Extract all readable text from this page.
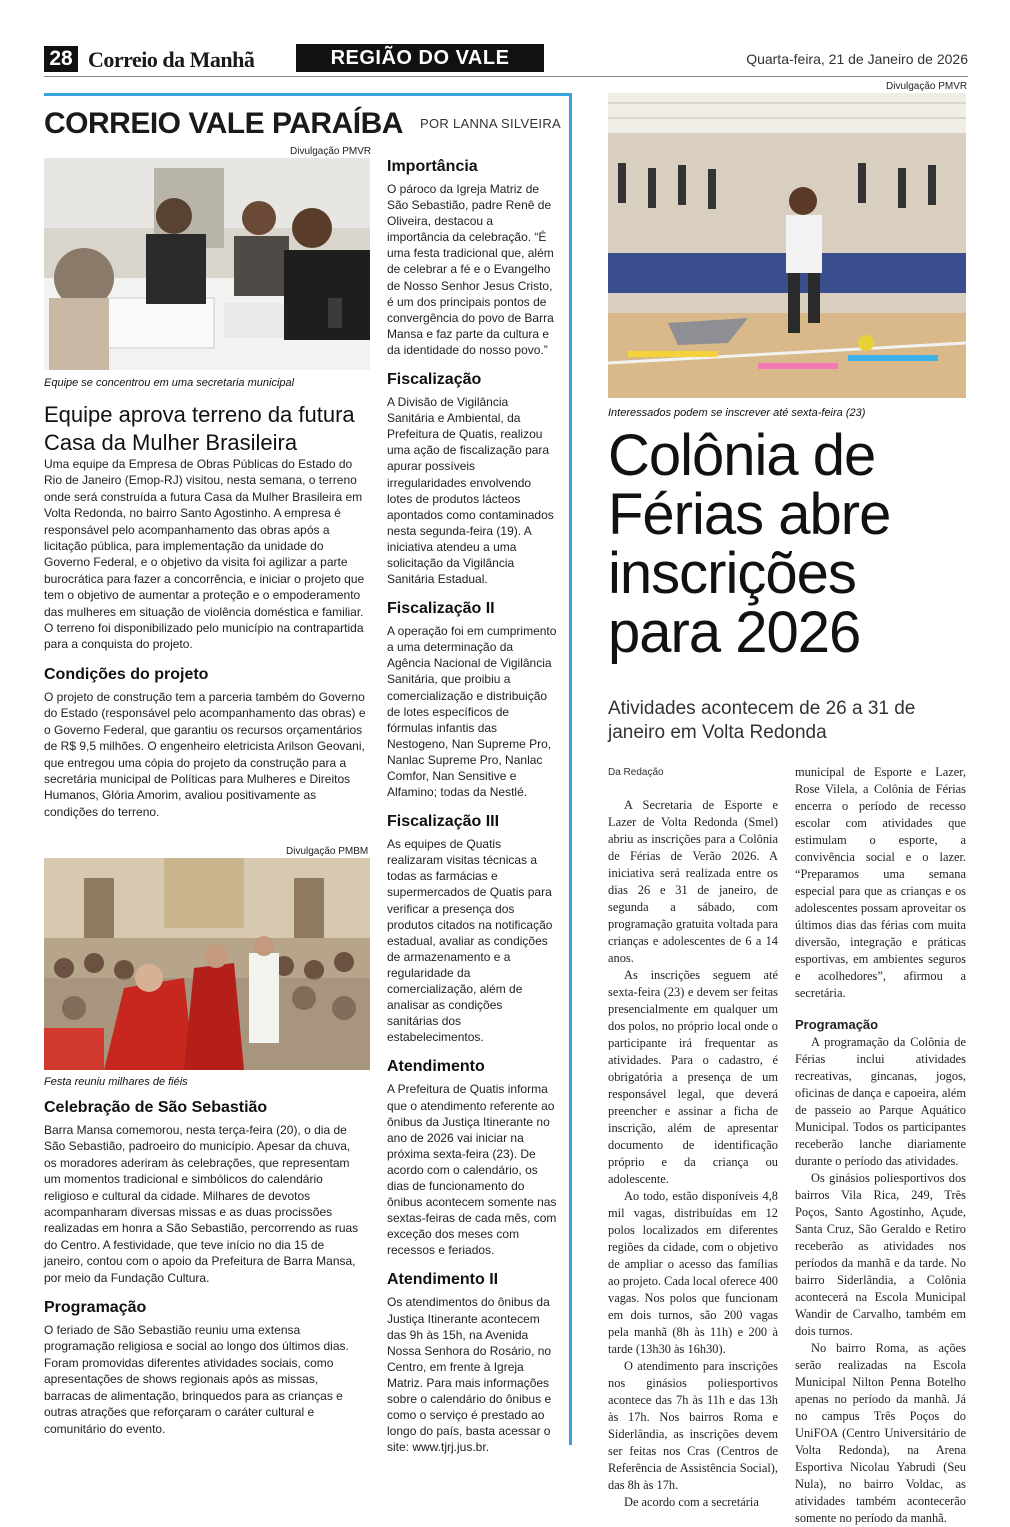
28 Correio da Manhã	REGIÃO DO VALE	Quarta-feira, 21 de Janeiro de 2026
CORREIO VALE PARAÍBA POR LANNA SILVEIRA
Divulgação PMVR
Equipe se concentrou em uma secretaria municipal
Equipe aprova terreno da futura Casa da Mulher Brasileira

Uma equipe da Empresa de Obras Públicas do Estado do Rio de Janeiro (Emop-RJ) visitou, nesta semana, o terreno onde será construída a futura Casa da Mulher Brasileira em Volta Redonda, no bairro Santo Agostinho. A empresa é responsável pelo acompanhamento das obras após a licitação pública, para implementação da unidade do Governo Federal, e o objetivo da visita foi agilizar a parte burocrática para fazer a concorrência, e iniciar o projeto que tem o objetivo de aumentar a proteção e o empoderamento das mulheres em situação de violência doméstica e familiar. O terreno foi disponibilizado pelo município na contrapartida para a conquista do projeto.

Condições do projeto

O projeto de construção tem a parceria também do Governo do Estado (responsável pelo acompanhamento das obras) e o Governo Federal, que garantiu os recursos orçamentários de R$ 9,5 milhões. O engenheiro eletricista Arilson Geovani, que entregou uma cópia do projeto da construção para a secretária municipal de Políticas para Mulheres e Direitos Humanos, Glória Amorim, avaliou positivamente as condições do terreno.

Divulgação PMBM
Festa reuniu milhares de fiéis
Celebração de São Sebastião

Barra Mansa comemorou, nesta terça-feira (20), o dia de São Sebastião, padroeiro do município. Apesar da chuva, os moradores aderiram às celebrações, que representam um momentos tradicional e simbólicos do calendário religioso e cultural da cidade. Milhares de devotos acompanharam diversas missas e as duas procissões realizadas em honra a São Sebastião, percorrendo as ruas do Centro. A festividade, que teve início no dia 15 de janeiro, contou com o apoio da Prefeitura de Barra Mansa, por meio da Fundação Cultura.

Programação

O feriado de São Sebastião reuniu uma extensa programação religiosa e social ao longo dos últimos dias. Foram promovidas diferentes atividades sociais, como apresentações de shows regionais após as missas, barracas de alimentação, brinquedos para as crianças e outras atrações que reforçaram o caráter cultural e comunitário do evento.

Importância

O pároco da Igreja Matriz de São Sebastião, padre Renê de Oliveira, destacou a importância da celebração. “É uma festa tradicional que, além de celebrar a fé e o Evangelho de Nosso Senhor Jesus Cristo, é um dos principais pontos de convergência do povo de Barra Mansa e faz parte da cultura e da identidade do nosso povo.”

Fiscalização

A Divisão de Vigilância Sanitária e Ambiental, da Prefeitura de Quatis, realizou uma ação de fiscalização para apurar possíveis irregularidades envolvendo lotes de produtos lácteos apontados como contaminados nesta segunda-feira (19). A iniciativa atendeu a uma solicitação da Vigilância Sanitária Estadual.

Fiscalização II

A operação foi em cumprimento a uma determinação da Agência Nacional de Vigilância Sanitária, que proibiu a comercialização e distribuição de lotes específicos de fórmulas infantis das Nestogeno, Nan Supreme Pro, Nanlac Supreme Pro, Nanlac Comfor, Nan Sensitive e Alfamino; todas da Nestlé.

Fiscalização III

As equipes de Quatis realizaram visitas técnicas a todas as farmácias e supermercados de Quatis para verificar a presença dos produtos citados na notificação estadual, avaliar as condições de armazenamento e a regularidade da comercialização, além de analisar as condições sanitárias dos estabelecimentos.

Atendimento

A Prefeitura de Quatis informa que o atendimento referente ao ônibus da Justiça Itinerante no ano de 2026 vai iniciar na próxima sexta-feira (23). De acordo com o calendário, os dias de funcionamento do ônibus acontecem somente nas sextas-feiras de cada mês, com exceção dos meses com recessos e feriados.

Atendimento II

Os atendimentos do ônibus da Justiça Itinerante acontecem das 9h às 15h, na Avenida Nossa Senhora do Rosário, no Centro, em frente à Igreja Matriz. Para mais informações sobre o calendário do ônibus e como o serviço é prestado ao longo do país, basta acessar o site: www.tjrj.jus.br.

Divulgação PMVR
Interessados podem se inscrever até sexta-feira (23)
Colônia de Férias abre inscrições para 2026
Atividades acontecem de 26 a 31 de janeiro em Volta Redonda
Da Redação

A Secretaria de Esporte e Lazer de Volta Redonda (Smel) abriu as inscrições para a Colônia de Férias de Verão 2026. A iniciativa será realizada entre os dias 26 e 31 de janeiro, de segunda a sábado, com programação gratuita voltada para crianças e adolescentes de 6 a 14 anos.

As inscrições seguem até sexta-feira (23) e devem ser feitas presencialmente em qualquer um dos polos, no próprio local onde o participante irá frequentar as atividades. Para o cadastro, é obrigatória a presença de um responsável legal, que deverá preencher e assinar a ficha de inscrição, além de apresentar documento de identificação próprio e da criança ou adolescente.

Ao todo, estão disponíveis 4,8 mil vagas, distribuídas em 12 polos localizados em diferentes regiões da cidade, com o objetivo de ampliar o acesso das famílias ao projeto. Cada local oferece 400 vagas. Nos polos que funcionam em dois turnos, são 200 vagas pela manhã (8h às 11h) e 200 à tarde (13h30 às 16h30).

O atendimento para inscrições nos ginásios poliesportivos acontece das 7h às 11h e das 13h às 17h. Nos bairros Roma e Siderlândia, as inscrições devem ser feitas nos Cras (Centros de Referência de Assistência Social), das 8h às 17h.

De acordo com a secretária

municipal de Esporte e Lazer, Rose Vilela, a Colônia de Férias encerra o período de recesso escolar com atividades que estimulam o esporte, a convivência social e o lazer. “Preparamos uma semana especial para que as crianças e os adolescentes possam aproveitar os últimos dias das férias com muita diversão, integração e práticas esportivas, em ambientes seguros e acolhedores”, afirmou a secretária.

Programação

A programação da Colônia de Férias inclui atividades recreativas, gincanas, jogos, oficinas de dança e capoeira, além de passeio ao Parque Aquático Municipal. Todos os participantes receberão lanche diariamente durante o período das atividades.

Os ginásios poliesportivos dos bairros Vila Rica, 249, Três Poços, Santo Agostinho, Açude, Santa Cruz, São Geraldo e Retiro receberão as atividades nos períodos da manhã e da tarde. No bairro Siderlândia, a Colônia acontecerá na Escola Municipal Wandir de Carvalho, também em dois turnos.

No bairro Roma, as ações serão realizadas na Escola Municipal Nilton Penna Botelho apenas no período da manhã. Já no campus Três Poços do UniFOA (Centro Universitário de Volta Redonda), na Arena Esportiva Nicolau Yabrudi (Seu Nula), no bairro Voldac, as atividades também acontecerão somente no período da manhã.
